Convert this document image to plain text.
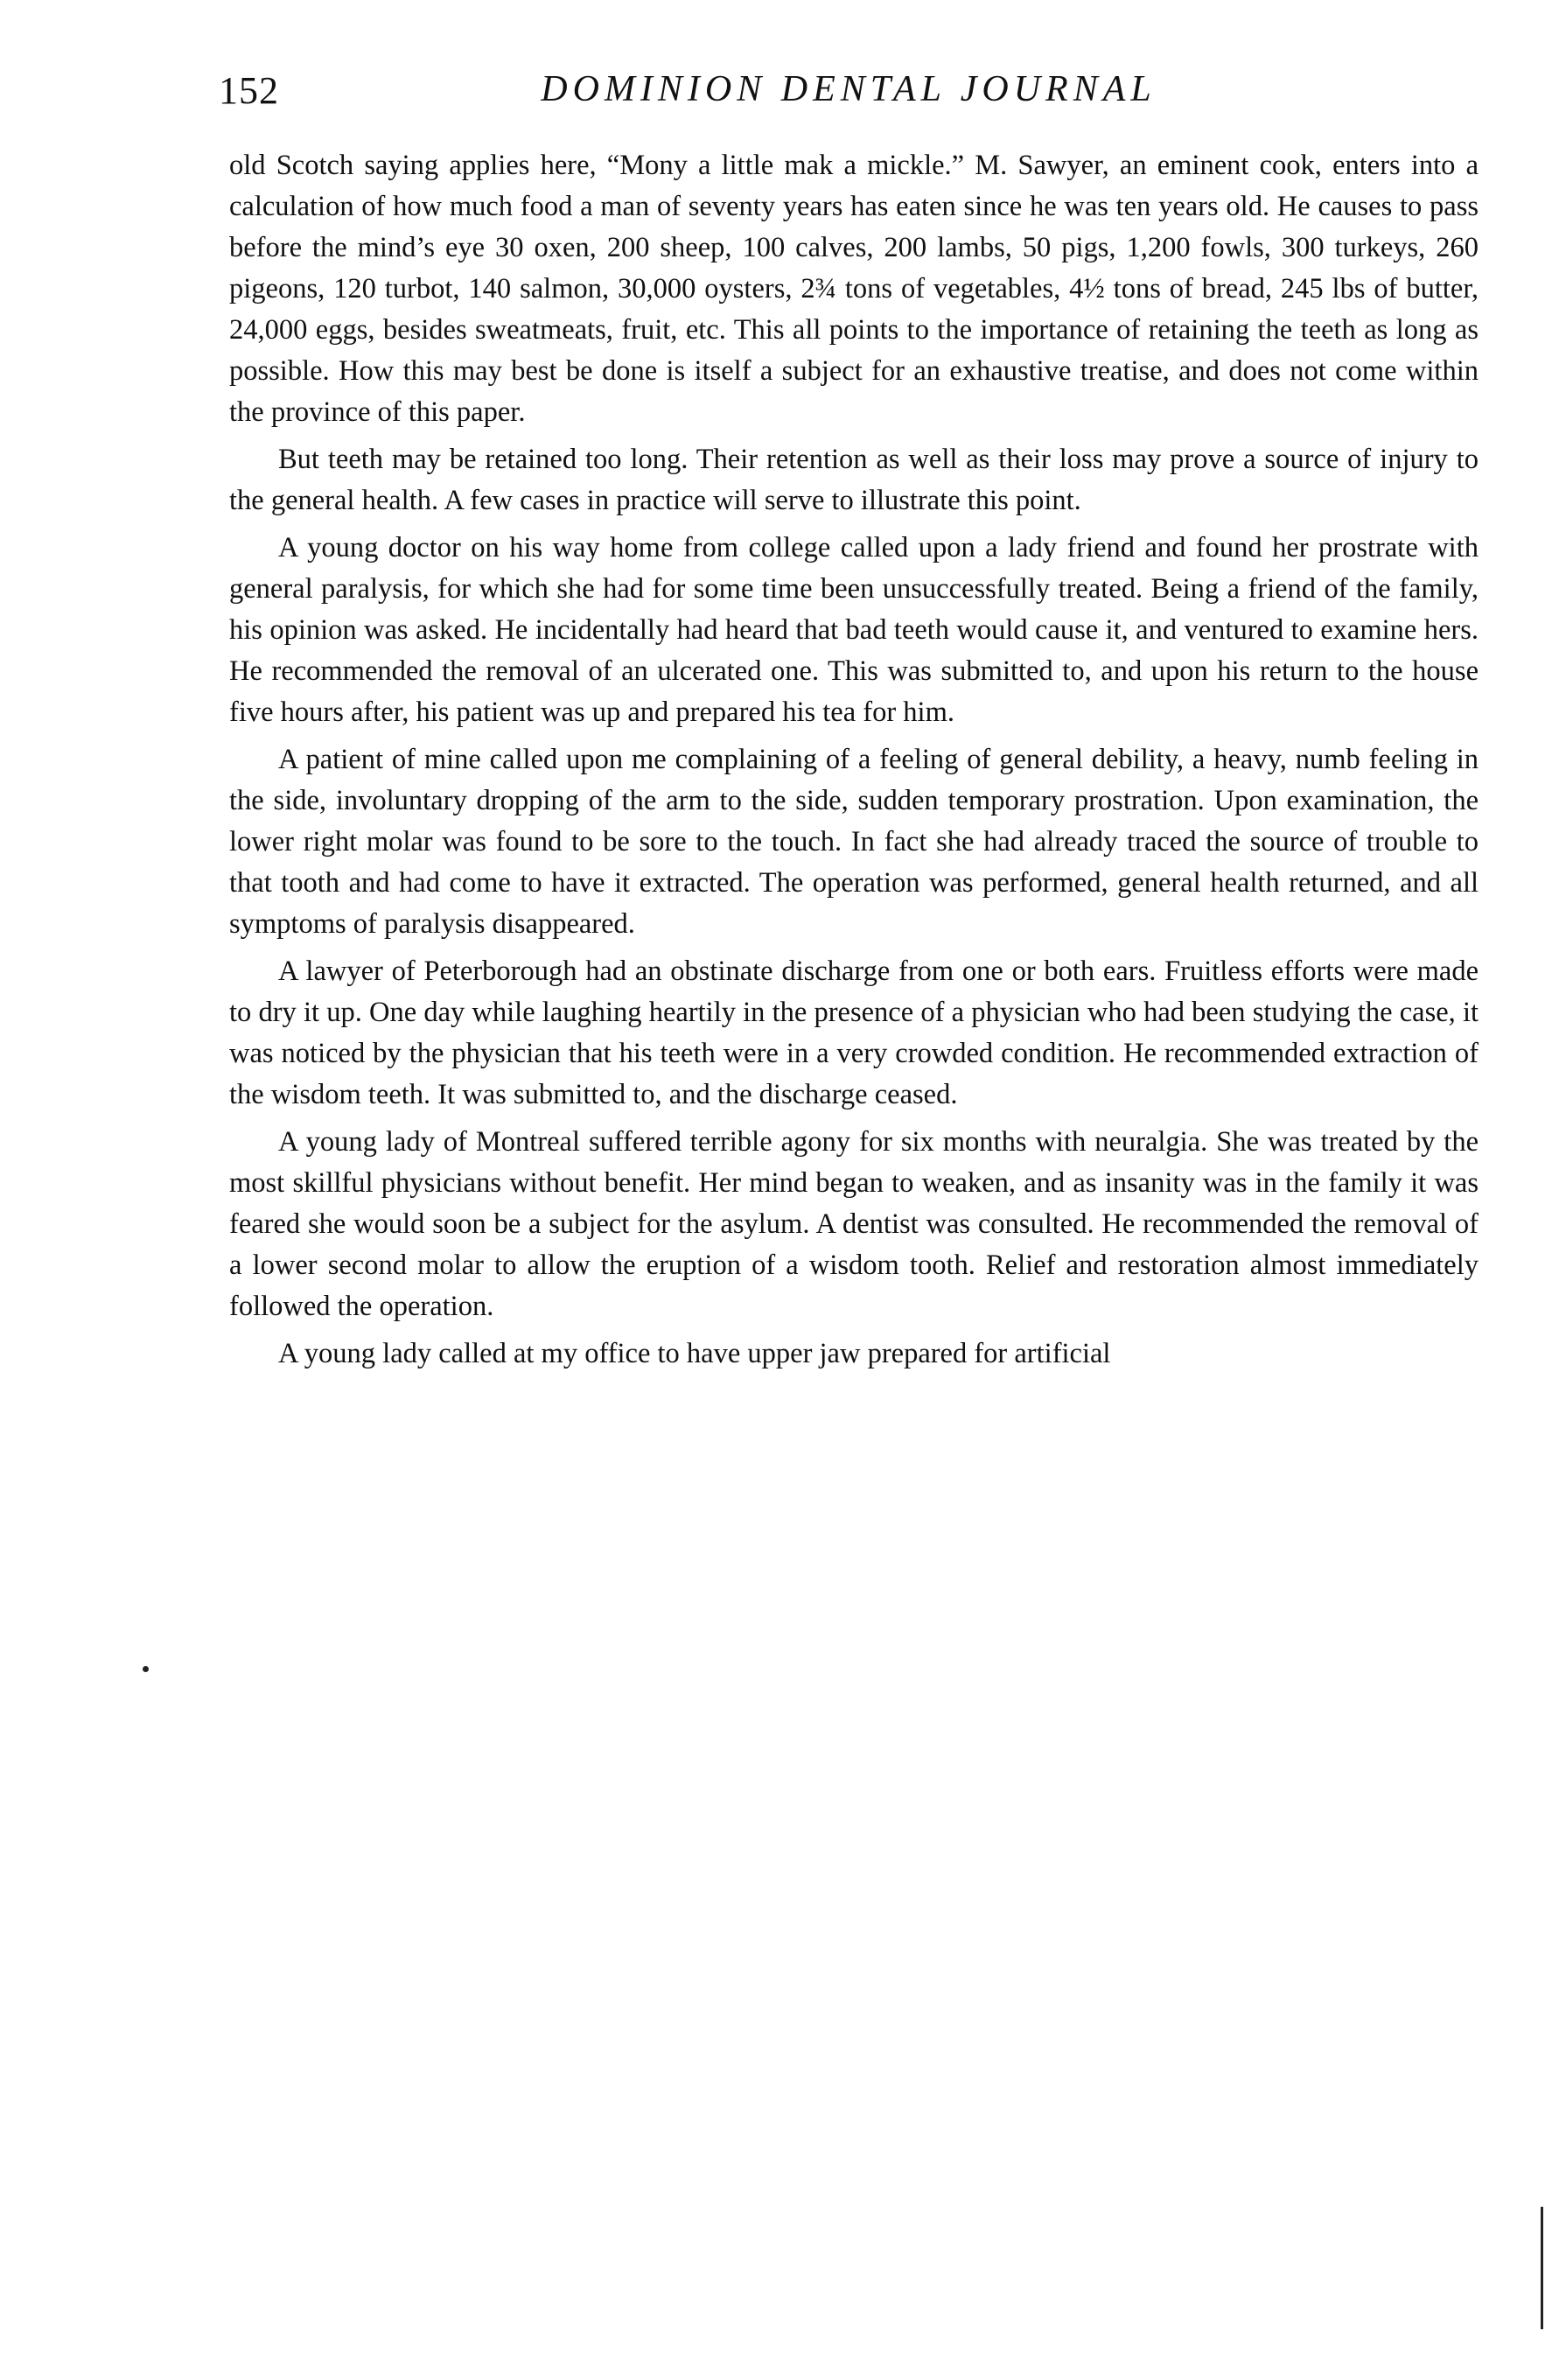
152	DOMINION DENTAL JOURNAL

old Scotch saying applies here, “Mony a little mak a mickle.” M. Sawyer, an eminent cook, enters into a calculation of how much food a man of seventy years has eaten since he was ten years old. He causes to pass before the mind’s eye 30 oxen, 200 sheep, 100 calves, 200 lambs, 50 pigs, 1,200 fowls, 300 turkeys, 260 pigeons, 120 turbot, 140 salmon, 30,000 oysters, 2¾ tons of vegetables, 4½ tons of bread, 245 lbs of butter, 24,000 eggs, besides sweatmeats, fruit, etc. This all points to the importance of retaining the teeth as long as possible. How this may best be done is itself a subject for an exhaustive treatise, and does not come within the province of this paper.

But teeth may be retained too long. Their retention as well as their loss may prove a source of injury to the general health. A few cases in practice will serve to illustrate this point.

A young doctor on his way home from college called upon a lady friend and found her prostrate with general paralysis, for which she had for some time been unsuccessfully treated. Being a friend of the family, his opinion was asked. He incidentally had heard that bad teeth would cause it, and ventured to examine hers. He recommended the removal of an ulcerated one. This was submitted to, and upon his return to the house five hours after, his patient was up and prepared his tea for him.

A patient of mine called upon me complaining of a feeling of general debility, a heavy, numb feeling in the side, involuntary dropping of the arm to the side, sudden temporary prostration. Upon examination, the lower right molar was found to be sore to the touch. In fact she had already traced the source of trouble to that tooth and had come to have it extracted. The operation was performed, general health returned, and all symptoms of paralysis disappeared.

A lawyer of Peterborough had an obstinate discharge from one or both ears. Fruitless efforts were made to dry it up. One day while laughing heartily in the presence of a physician who had been studying the case, it was noticed by the physician that his teeth were in a very crowded condition. He recommended extraction of the wisdom teeth. It was submitted to, and the discharge ceased.

A young lady of Montreal suffered terrible agony for six months with neuralgia. She was treated by the most skillful physicians without benefit. Her mind began to weaken, and as insanity was in the family it was feared she would soon be a subject for the asylum. A dentist was consulted. He recommended the removal of a lower second molar to allow the eruption of a wisdom tooth. Relief and restoration almost immediately followed the operation.

A young lady called at my office to have upper jaw prepared for artificial
